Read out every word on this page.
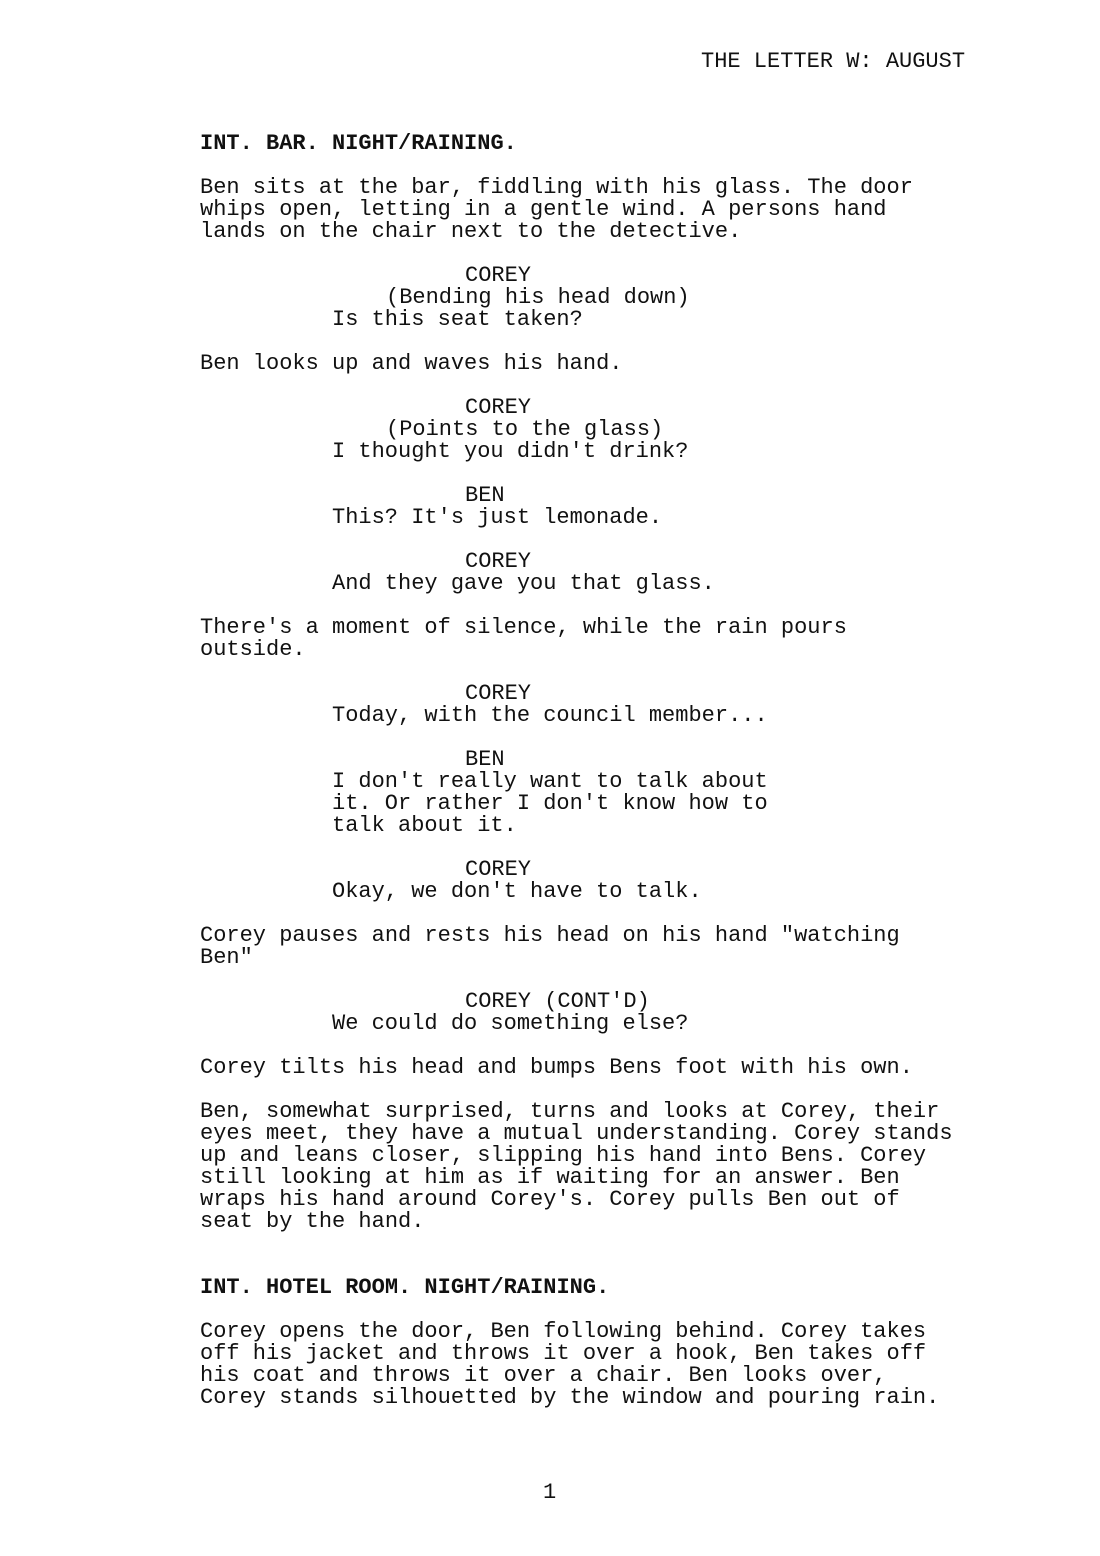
THE LETTER W: AUGUST
INT. BAR. NIGHT/RAINING.
Ben sits at the bar, fiddling with his glass. The door
whips open, letting in a gentle wind. A persons hand
lands on the chair next to the detective.
COREY
(Bending his head down)
Is this seat taken?
Ben looks up and waves his hand.
COREY
(Points to the glass)
I thought you didn't drink?
BEN
This? It's just lemonade.
COREY
And they gave you that glass.
There's a moment of silence, while the rain pours
outside.
COREY
Today, with the council member...
BEN
I don't really want to talk about
it. Or rather I don't know how to
talk about it.
COREY
Okay, we don't have to talk.
Corey pauses and rests his head on his hand "watching
Ben"
COREY (CONT'D)
We could do something else?
Corey tilts his head and bumps Bens foot with his own.
Ben, somewhat surprised, turns and looks at Corey, their
eyes meet, they have a mutual understanding. Corey stands
up and leans closer, slipping his hand into Bens. Corey
still looking at him as if waiting for an answer. Ben
wraps his hand around Corey's. Corey pulls Ben out of
seat by the hand.
INT. HOTEL ROOM. NIGHT/RAINING.
Corey opens the door, Ben following behind. Corey takes
off his jacket and throws it over a hook, Ben takes off
his coat and throws it over a chair. Ben looks over,
Corey stands silhouetted by the window and pouring rain.
1
